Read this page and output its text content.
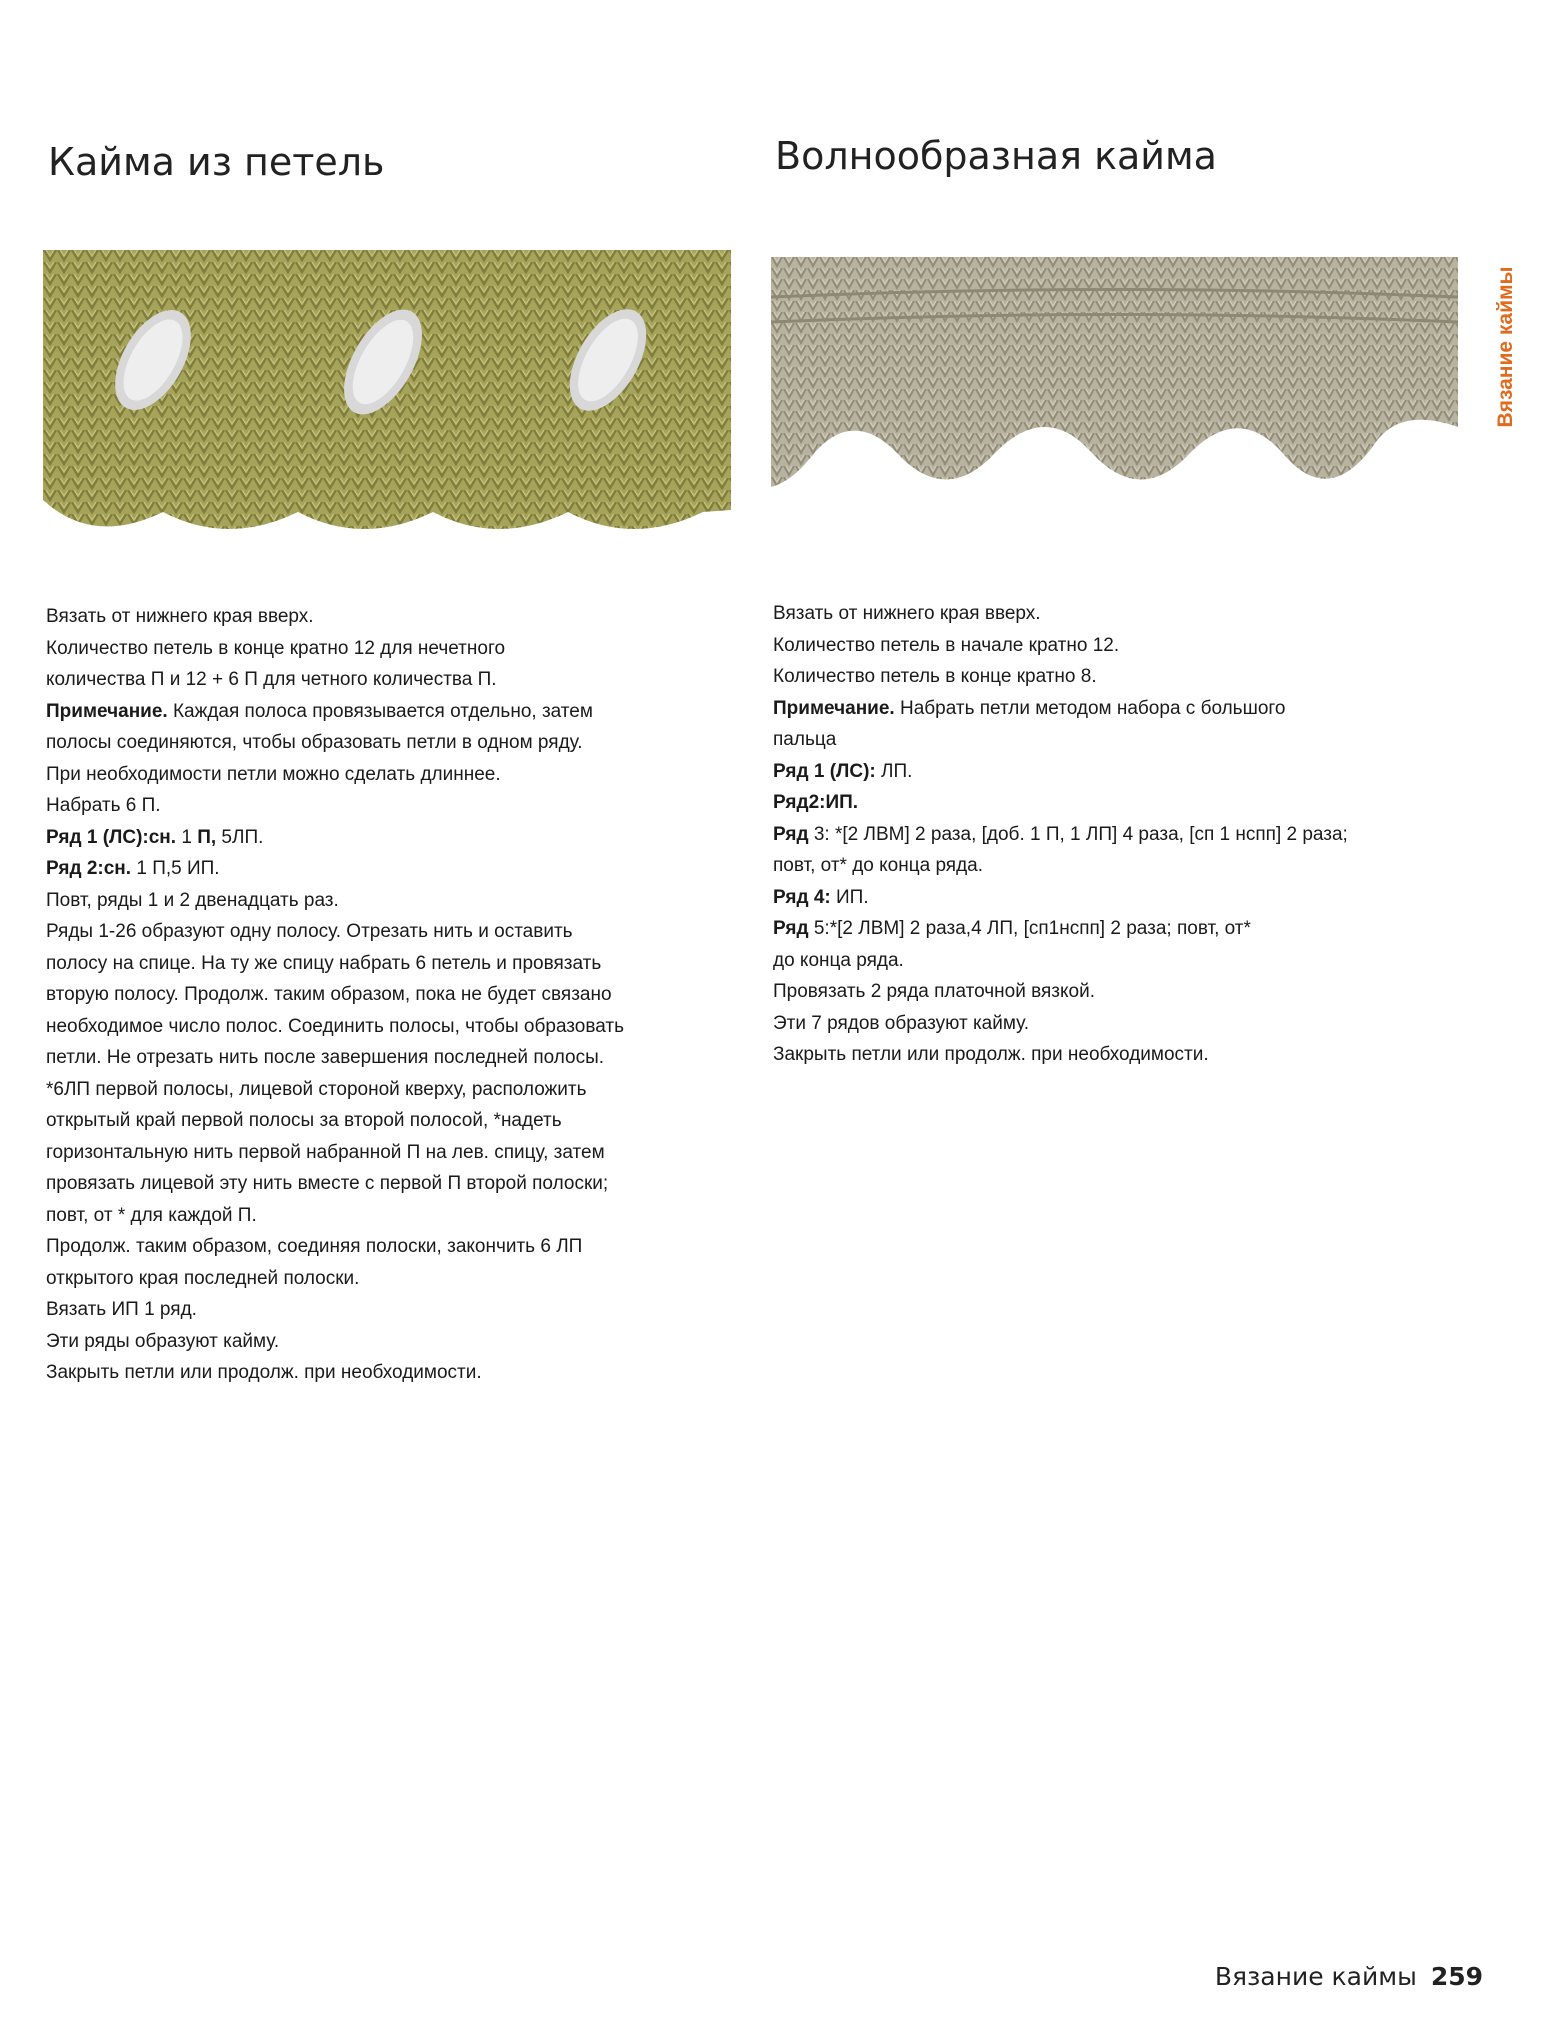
Кайма из петель	Волнообразная кайма
Вязать от нижнего края вверх.
Количество петель в конце кратно 12 для нечетного
количества П и 12 + 6 П для четного количества П.
Примечание. Каждая полоса провязывается отдельно, затем
полосы соединяются, чтобы образовать петли в одном ряду.
При необходимости петли можно сделать длиннее.
Набрать 6 П.
Ряд 1 (ЛС):сн. 1 П, 5ЛП.
Ряд 2:сн. 1 П,5 ИП.
Повт, ряды 1 и 2 двенадцать раз.
Ряды 1-26 образуют одну полосу. Отрезать нить и оставить
полосу на спице. На ту же спицу набрать 6 петель и провязать
вторую полосу. Продолж. таким образом, пока не будет связано
необходимое число полос. Соединить полосы, чтобы образовать
петли. Не отрезать нить после завершения последней полосы.
*6ЛП первой полосы, лицевой стороной кверху, расположить
открытый край первой полосы за второй полосой, *надеть
горизонтальную нить первой набранной П на лев. спицу, затем
провязать лицевой эту нить вместе с первой П второй полоски;
повт, от * для каждой П.
Продолж. таким образом, соединяя полоски, закончить 6 ЛП
открытого края последней полоски.
Вязать ИП 1 ряд.
Эти ряды образуют кайму.
Закрыть петли или продолж. при необходимости.
Вязать от нижнего края вверх.
Количество петель в начале кратно 12.
Количество петель в конце кратно 8.
Примечание. Набрать петли методом набора с большого
пальца
Ряд 1 (ЛС): ЛП.
Ряд2:ИП.
Ряд 3: *[2 ЛВМ] 2 раза, [доб. 1 П, 1 ЛП] 4 раза, [сп 1 нспп] 2 раза;
повт, от* до конца ряда.
Ряд 4: ИП.
Ряд 5:*[2 ЛВМ] 2 раза,4 ЛП, [сп1нспп] 2 раза; повт, от*
до конца ряда.
Провязать 2 ряда платочной вязкой.
Эти 7 рядов образуют кайму.
Закрыть петли или продолж. при необходимости.
Вязание каймы
Вязание каймы 259
